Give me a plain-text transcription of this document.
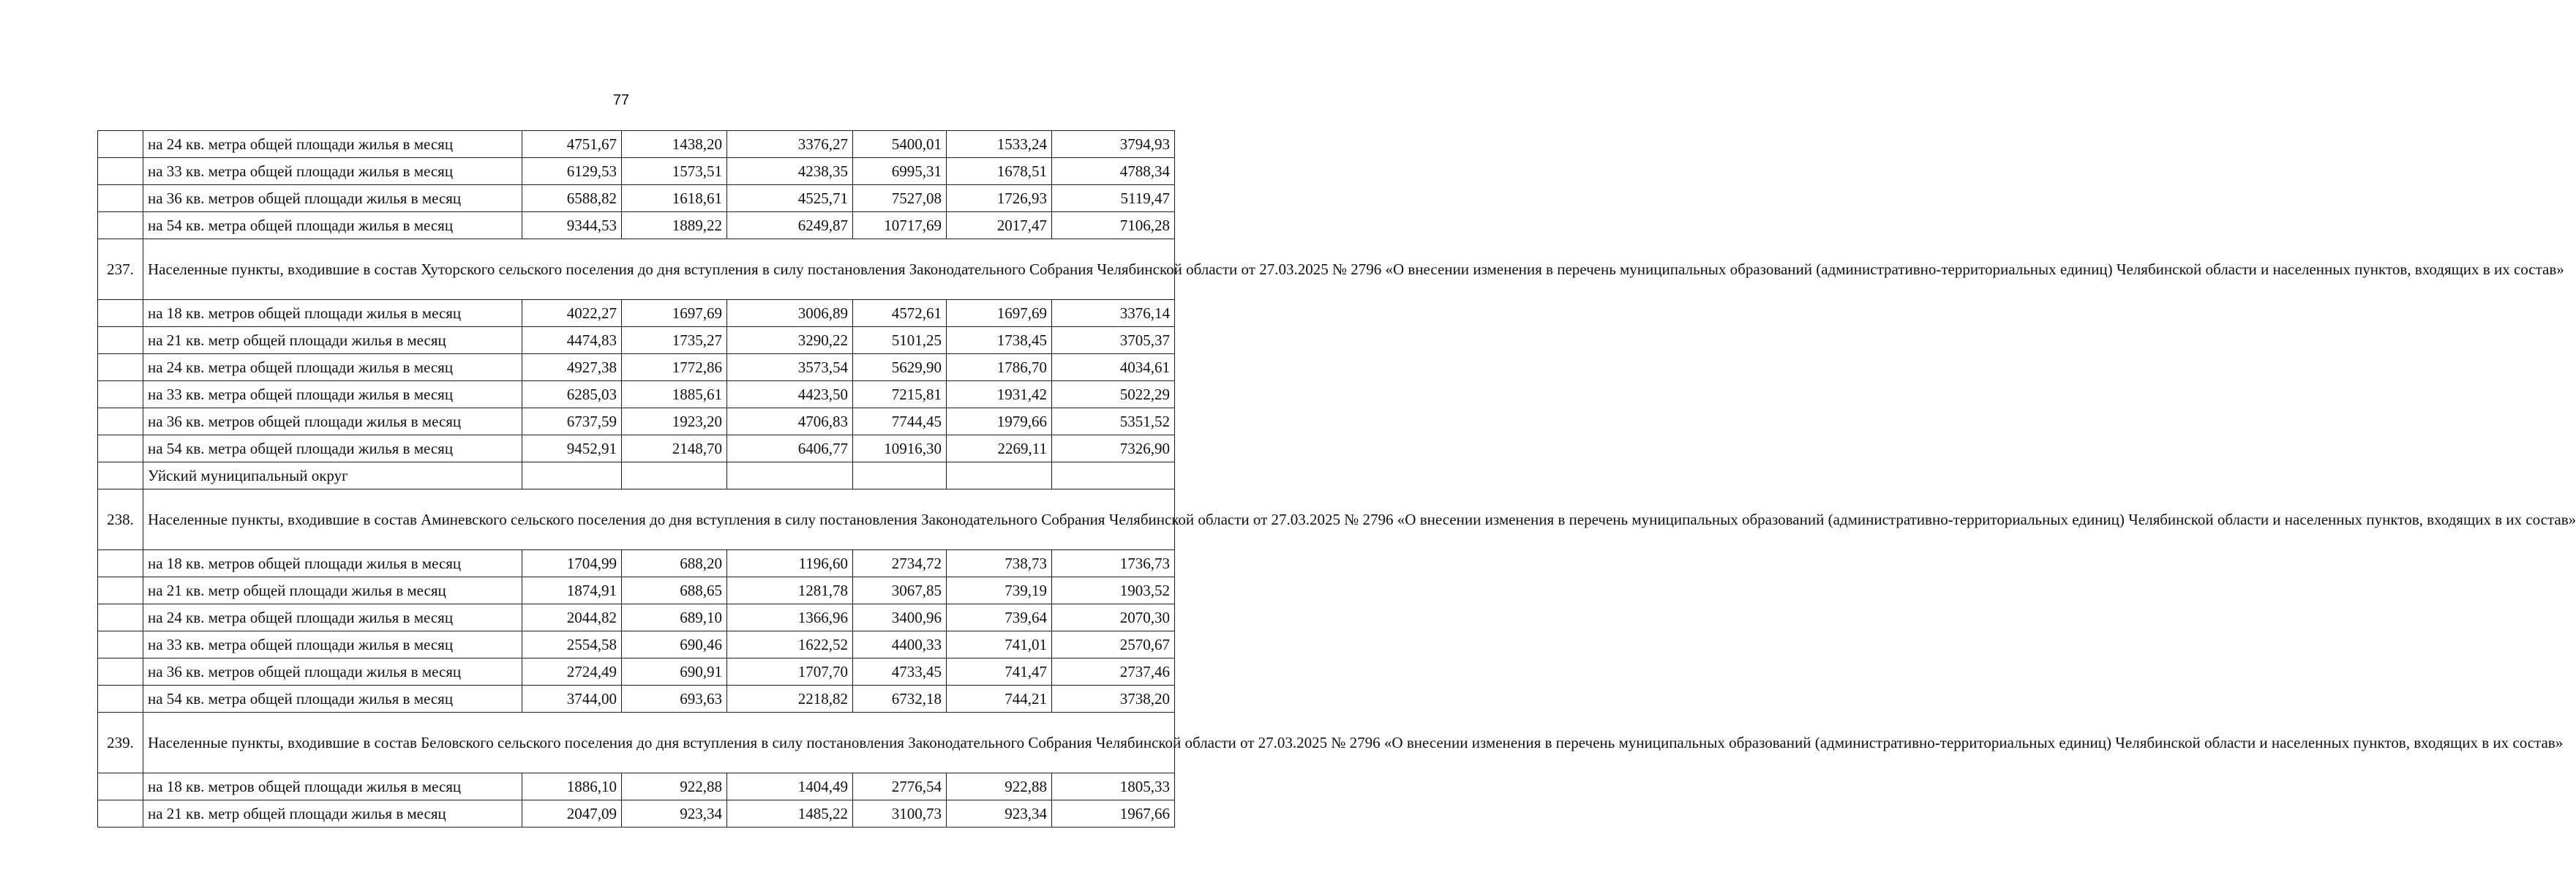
77
	на 24 кв. метра общей площади жилья в месяц	4751,67	1438,20	3376,27	5400,01	1533,24	3794,93
	на 33 кв. метра общей площади жилья в месяц	6129,53	1573,51	4238,35	6995,31	1678,51	4788,34
	на 36 кв. метров общей площади жилья в месяц	6588,82	1618,61	4525,71	7527,08	1726,93	5119,47
	на 54 кв. метра общей площади жилья в месяц	9344,53	1889,22	6249,87	10717,69	2017,47	7106,28
237.	Населенные пункты, входившие в состав Хуторского сельского поселения до дня вступления в силу постановления Законодательного Собрания Челябинской области от 27.03.2025 № 2796 «О внесении изменения в перечень муниципальных образований (административно-территориальных единиц) Челябинской области и населенных пунктов, входящих в их состав»						
	на 18 кв. метров общей площади жилья в месяц	4022,27	1697,69	3006,89	4572,61	1697,69	3376,14
	на 21 кв. метр общей площади жилья в месяц	4474,83	1735,27	3290,22	5101,25	1738,45	3705,37
	на 24 кв. метра общей площади жилья в месяц	4927,38	1772,86	3573,54	5629,90	1786,70	4034,61
	на 33 кв. метра общей площади жилья в месяц	6285,03	1885,61	4423,50	7215,81	1931,42	5022,29
	на 36 кв. метров общей площади жилья в месяц	6737,59	1923,20	4706,83	7744,45	1979,66	5351,52
	на 54 кв. метра общей площади жилья в месяц	9452,91	2148,70	6406,77	10916,30	2269,11	7326,90
	Уйский муниципальный округ						
238.	Населенные пункты, входившие в состав Аминевского сельского поселения до дня вступления в силу постановления Законодательного Собрания Челябинской области от 27.03.2025 № 2796 «О внесении изменения в перечень муниципальных образований (административно-территориальных единиц) Челябинской области и населенных пунктов, входящих в их состав»						
	на 18 кв. метров общей площади жилья в месяц	1704,99	688,20	1196,60	2734,72	738,73	1736,73
	на 21 кв. метр общей площади жилья в месяц	1874,91	688,65	1281,78	3067,85	739,19	1903,52
	на 24 кв. метра общей площади жилья в месяц	2044,82	689,10	1366,96	3400,96	739,64	2070,30
	на 33 кв. метра общей площади жилья в месяц	2554,58	690,46	1622,52	4400,33	741,01	2570,67
	на 36 кв. метров общей площади жилья в месяц	2724,49	690,91	1707,70	4733,45	741,47	2737,46
	на 54 кв. метра общей площади жилья в месяц	3744,00	693,63	2218,82	6732,18	744,21	3738,20
239.	Населенные пункты, входившие в состав Беловского сельского поселения до дня вступления в силу постановления Законодательного Собрания Челябинской области от 27.03.2025 № 2796 «О внесении изменения в перечень муниципальных образований (административно-территориальных единиц) Челябинской области и населенных пунктов, входящих в их состав»						
	на 18 кв. метров общей площади жилья в месяц	1886,10	922,88	1404,49	2776,54	922,88	1805,33
	на 21 кв. метр общей площади жилья в месяц	2047,09	923,34	1485,22	3100,73	923,34	1967,66
